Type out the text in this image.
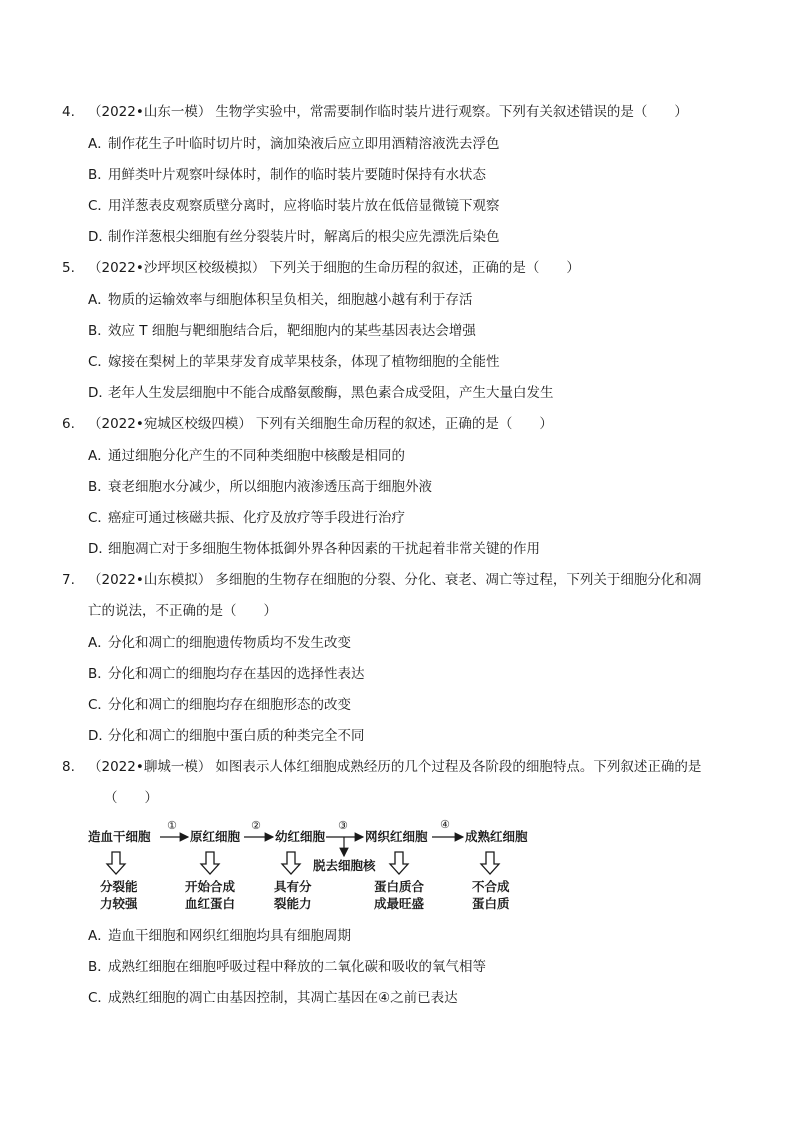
4. （2022•山东一模） 生物学实验中，常需要制作临时装片进行观察。下列有关叙述错误的是（　　）
A．制作花生子叶临时切片时，滴加染液后应立即用酒精溶液洗去浮色
B．用鲜类叶片观察叶绿体时，制作的临时装片要随时保持有水状态
C．用洋葱表皮观察质壁分离时，应将临时装片放在低倍显微镜下观察
D．制作洋葱根尖细胞有丝分裂装片时，解离后的根尖应先漂洗后染色
5. （2022•沙坪坝区校级模拟） 下列关于细胞的生命历程的叙述，正确的是（　　）
A．物质的运输效率与细胞体积呈负相关，细胞越小越有利于存活
B．效应 T 细胞与靶细胞结合后，靶细胞内的某些基因表达会增强
C．嫁接在梨树上的苹果芽发育成苹果枝条，体现了植物细胞的全能性
D．老年人生发层细胞中不能合成酪氨酸酶，黑色素合成受阻，产生大量白发生
6. （2022•宛城区校级四模） 下列有关细胞生命历程的叙述，正确的是（　　）
A．通过细胞分化产生的不同种类细胞中核酸是相同的
B．衰老细胞水分减少，所以细胞内液渗透压高于细胞外液
C．癌症可通过核磁共振、化疗及放疗等手段进行治疗
D．细胞凋亡对于多细胞生物体抵御外界各种因素的干扰起着非常关键的作用
7. （2022•山东模拟） 多细胞的生物存在细胞的分裂、分化、衰老、凋亡等过程，下列关于细胞分化和凋
亡的说法，不正确的是（　　）
A．分化和凋亡的细胞遗传物质均不发生改变
B．分化和凋亡的细胞均存在基因的选择性表达
C．分化和凋亡的细胞均存在细胞形态的改变
D．分化和凋亡的细胞中蛋白质的种类完全不同
8. （2022•聊城一模） 如图表示人体红细胞成熟经历的几个过程及各阶段的细胞特点。下列叙述正确的是
（　　）
造血干细胞	原红细胞	幼红细胞	网织红细胞	成熟红细胞
①	②	③	④
脱去细胞核
分裂能
力较强
开始合成
血红蛋白
具有分
裂能力
蛋白质合
成最旺盛
不合成
蛋白质
A．造血干细胞和网织红细胞均具有细胞周期
B．成熟红细胞在细胞呼吸过程中释放的二氧化碳和吸收的氧气相等
C．成熟红细胞的凋亡由基因控制，其凋亡基因在④之前已表达
